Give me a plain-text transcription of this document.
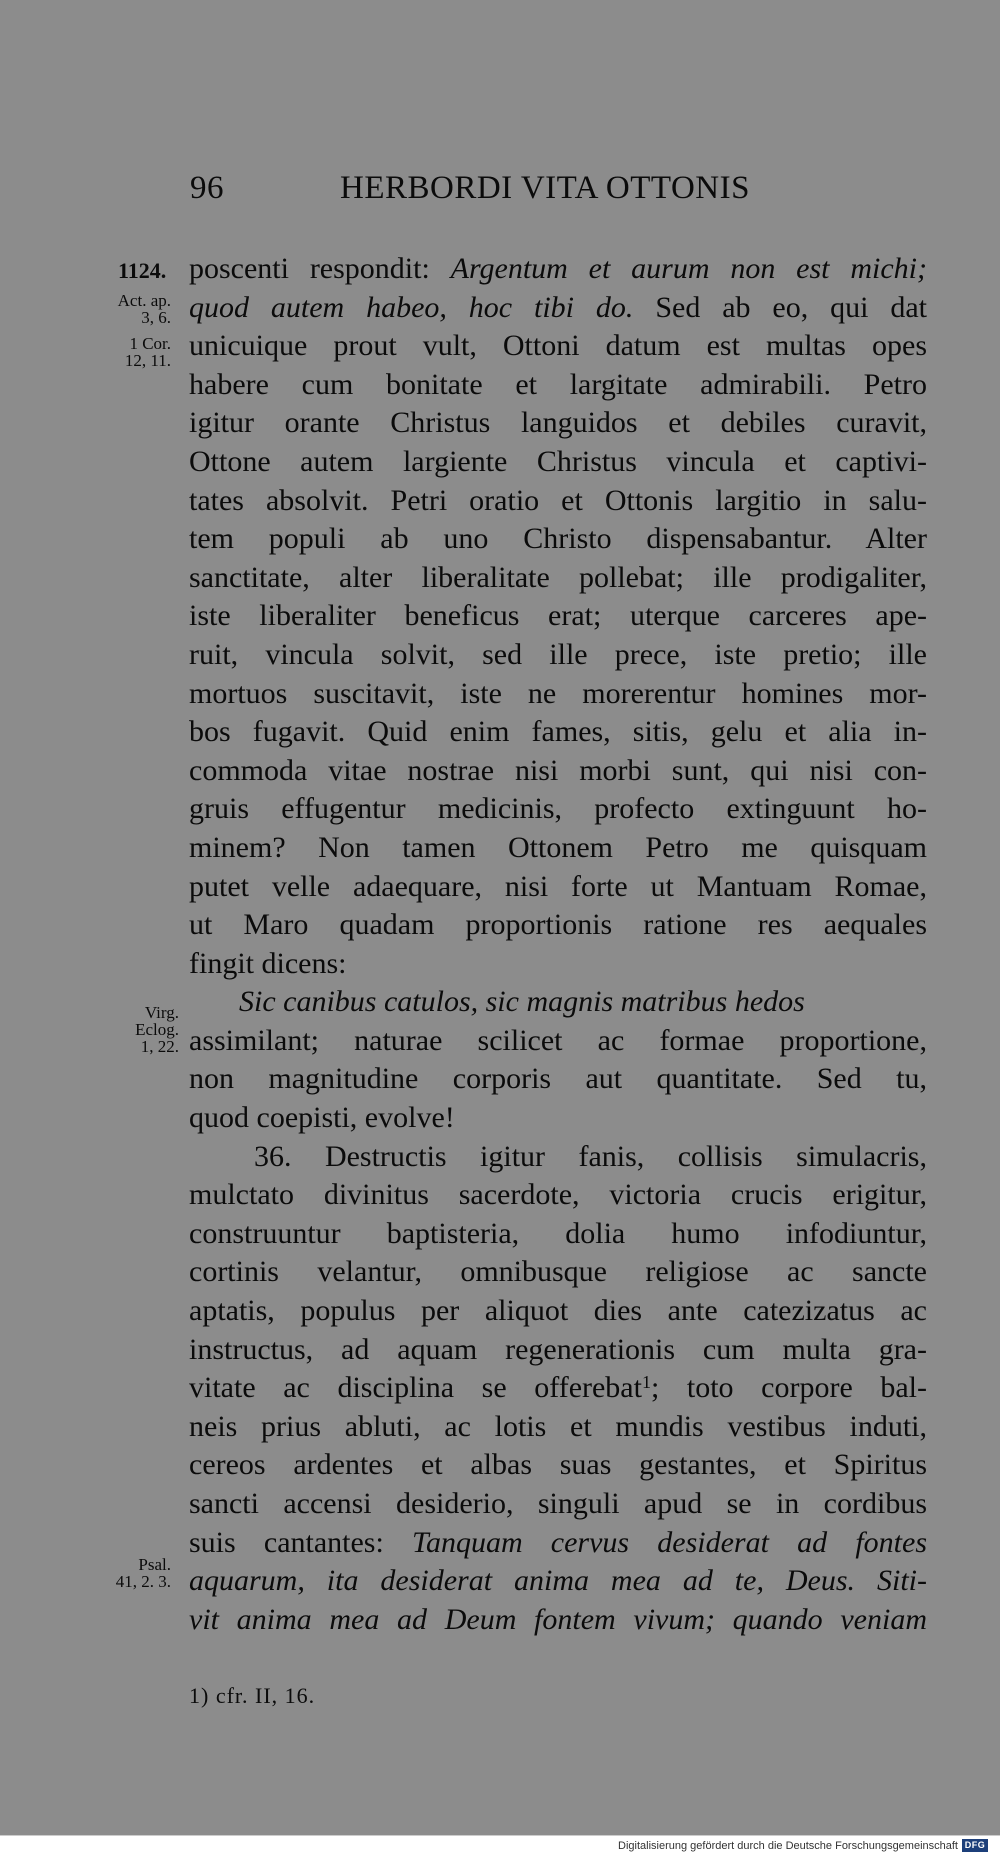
96	HERBORDI VITA OTTONIS
1124.
Act. ap.
3, 6.
1 Cor.
12, 11.
Virg.
Eclog.
1, 22.
Psal.
41, 2. 3.
poscenti respondit: Argentum et aurum non est michi;
quod autem habeo, hoc tibi do. Sed ab eo, qui dat
unicuique prout vult, Ottoni datum est multas opes
habere cum bonitate et largitate admirabili. Petro
igitur orante Christus languidos et debiles curavit,
Ottone autem largiente Christus vincula et captivi-
tates absolvit. Petri oratio et Ottonis largitio in salu-
tem populi ab uno Christo dispensabantur. Alter
sanctitate, alter liberalitate pollebat; ille prodigaliter,
iste liberaliter beneficus erat; uterque carceres ape-
ruit, vincula solvit, sed ille prece, iste pretio; ille
mortuos suscitavit, iste ne morerentur homines mor-
bos fugavit. Quid enim fames, sitis, gelu et alia in-
commoda vitae nostrae nisi morbi sunt, qui nisi con-
gruis effugentur medicinis, profecto extinguunt ho-
minem? Non tamen Ottonem Petro me quisquam
putet velle adaequare, nisi forte ut Mantuam Romae,
ut Maro quadam proportionis ratione res aequales
fingit dicens:
Sic canibus catulos, sic magnis matribus hedos
assimilant; naturae scilicet ac formae proportione,
non magnitudine corporis aut quantitate. Sed tu,
quod coepisti, evolve!
36. Destructis igitur fanis, collisis simulacris,
mulctato divinitus sacerdote, victoria crucis erigitur,
construuntur baptisteria, dolia humo infodiuntur,
cortinis velantur, omnibusque religiose ac sancte
aptatis, populus per aliquot dies ante catezizatus ac
instructus, ad aquam regenerationis cum multa gra-
vitate ac disciplina se offerebat$^1$; toto corpore bal-
neis prius abluti, ac lotis et mundis vestibus induti,
cereos ardentes et albas suas gestantes, et Spiritus
sancti accensi desiderio, singuli apud se in cordibus
suis cantantes: Tanquam cervus desiderat ad fontes
aquarum, ita desiderat anima mea ad te, Deus. Siti-
vit anima mea ad Deum fontem vivum; quando veniam
1) cfr. II, 16.
Digitalisierung gefördert durch die Deutsche Forschungsgemeinschaft DFG
